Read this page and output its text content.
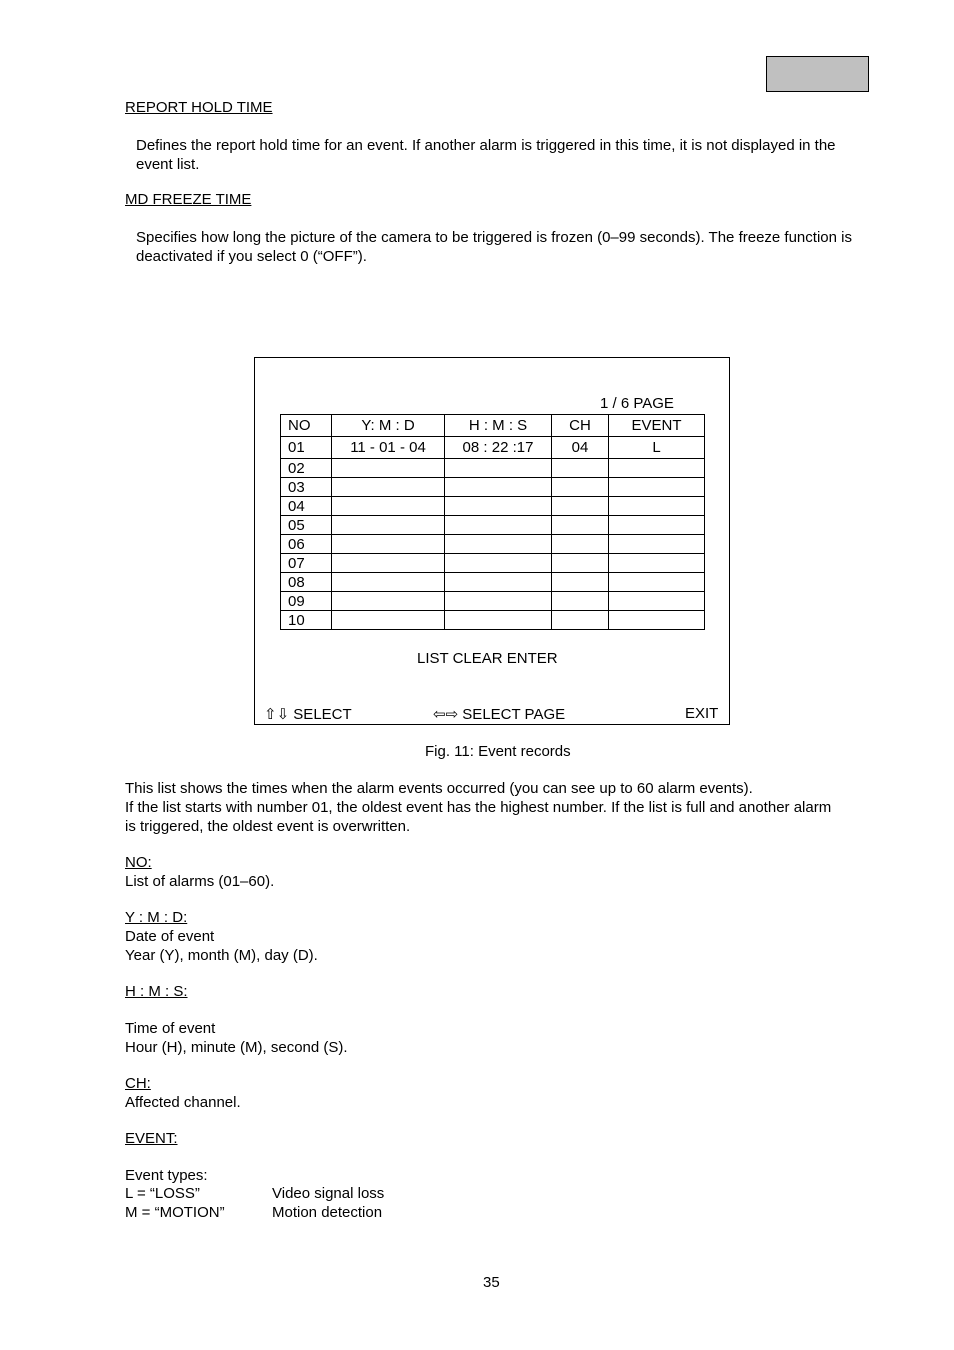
REPORT HOLD TIME
Defines the report hold time for an event. If another alarm is triggered in this time, it is not displayed in the event list.
MD FREEZE TIME
Specifies how long the picture of the camera to be triggered is frozen (0–99 seconds). The freeze function is deactivated if you select 0 (“OFF”).
1 / 6 PAGE
NO	Y: M : D	H : M : S	CH	EVENT
01	11 - 01 - 04	08 : 22 :17	04	L
02				
03				
04				
05				
06				
07				
08				
09				
10				
LIST CLEAR ENTER
⇧⇩ SELECT	⇦⇨ SELECT PAGE	EXIT
Fig. 11: Event records
This list shows the times when the alarm events occurred (you can see up to 60 alarm events).
If the list starts with number 01, the oldest event has the highest number. If the list is full and another alarm
is triggered, the oldest event is overwritten.
NO:
List of alarms (01–60).
Y : M : D:
Date of event
Year (Y), month (M), day (D).
H : M : S:
Time of event
Hour (H), minute (M), second (S).
CH:
Affected channel.
EVENT:
Event types:
L = “LOSS”	Video signal loss
M = “MOTION”	Motion detection
35
